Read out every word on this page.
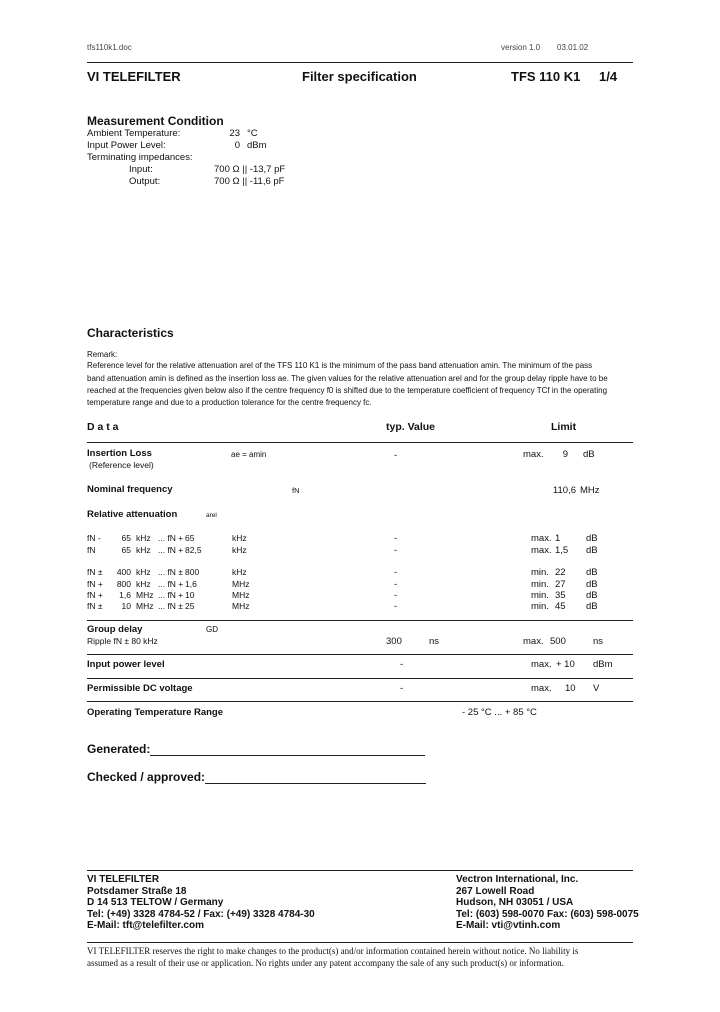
tfs110k1.doc	version 1.0 03.01.02
VI TELEFILTER	Filter specification	TFS 110 K1 1/4
Measurement Condition
Ambient Temperature:	23 °C
Input Power Level:	0 dBm
Terminating impedances:
Input:	700 Ω || -13,7 pF
Output:	700 Ω || -11,6 pF
Characteristics
Remark:
Reference level for the relative attenuation arel of the TFS 110 K1 is the minimum of the pass band attenuation amin. The minimum of the pass
band attenuation amin is defined as the insertion loss ae. The given values for the relative attenuation arel and for the group delay ripple have to be
reached at the frequencies given below also if the centre frequency f0 is shifted due to the temperature coefficient of frequency TCf in the operating
temperature range and due to a production tolerance for the centre frequency fc.
D a t a	typ. Value	Limit
Insertion Loss
(Reference level)
ae = amin	-	max.	9 dB
Nominal frequency	fN	110,6 MHz
Relative attenuation	arel
fN -	65 kHz ... fN + 65	kHz	-	max. 1	dB
fN	65 kHz ... fN + 82,5	kHz	-	max. 1,5 dB
fN ±	400 kHz ... fN ± 800	kHz	-	min. 22 dB
fN +	800 kHz ... fN + 1,6	MHz	-	min. 27 dB
fN +	1,6 MHz ... fN + 10	MHz	-	min. 35 dB
fN ±	10 MHz ... fN ± 25	MHz	-	min. 45 dB
Group delay	GD
Ripple fN ± 80 kHz	300	ns	max. 500	ns
Input power level	-	max. + 10 dBm
Permissible DC voltage	-	max. 10 V
Operating Temperature Range	- 25 °C ... + 85 °C
Generated:
Checked / approved:
VI TELEFILTER
Potsdamer Straße 18
D 14 513 TELTOW / Germany
Tel: (+49) 3328 4784-52 / Fax: (+49) 3328 4784-30
E-Mail: tft@telefilter.com
Vectron International, Inc.
267 Lowell Road
Hudson, NH 03051 / USA
Tel: (603) 598-0070 Fax: (603) 598-0075
E-Mail: vti@vtinh.com
VI TELEFILTER reserves the right to make changes to the product(s) and/or information contained herein without notice. No liability is
assumed as a result of their use or application. No rights under any patent accompany the sale of any such product(s) or information.
